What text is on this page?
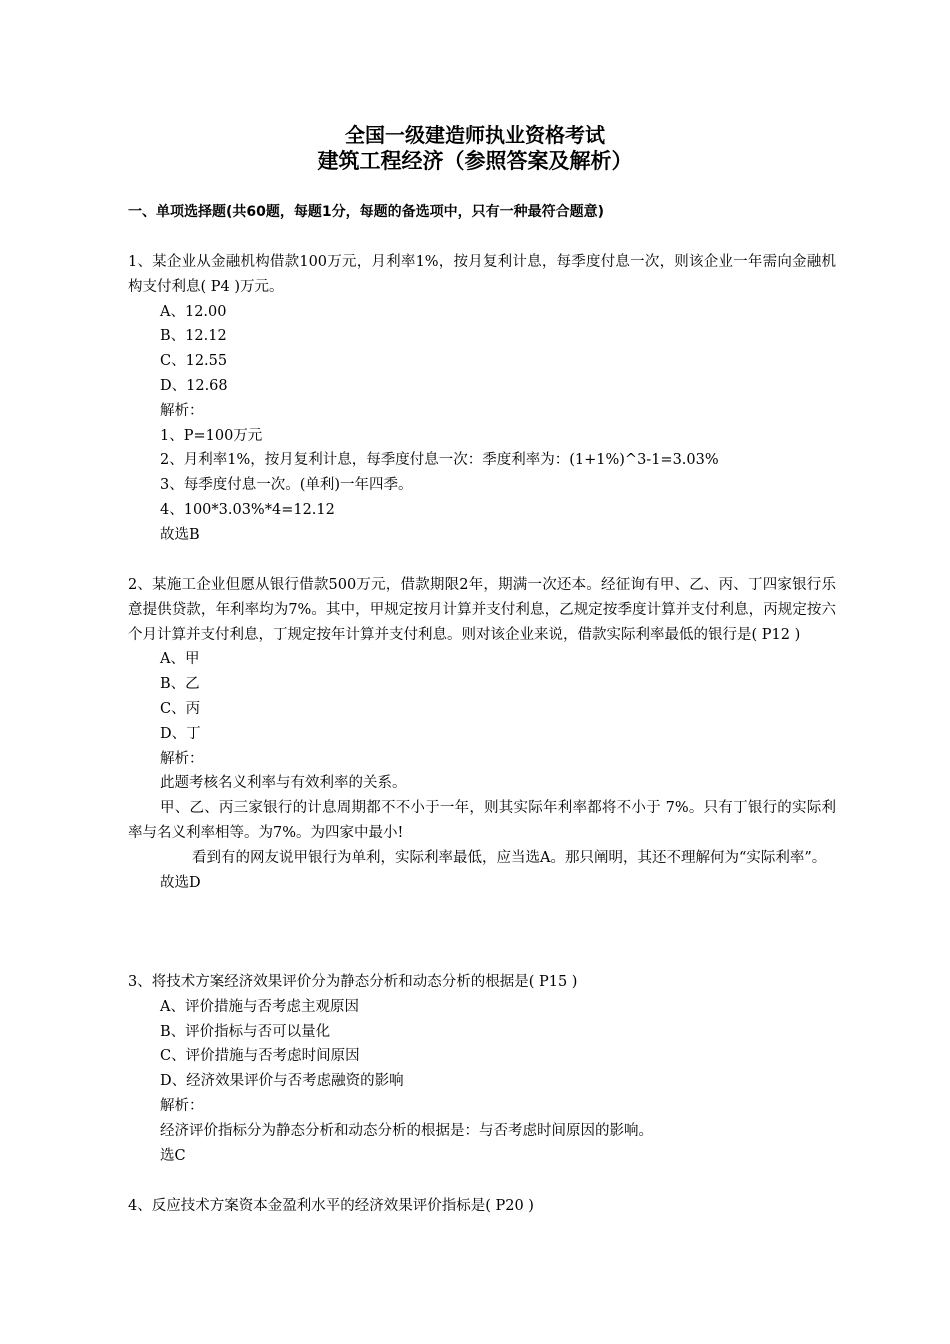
全国一级建造师执业资格考试
建筑工程经济（参照答案及解析）
一、单项选择题(共60题，每题1分，每题的备选项中，只有一种最符合题意)
1、某企业从金融机构借款100万元，月利率1%，按月复利计息，每季度付息一次，则该企业一年需向金融机构支付利息( P4 )万元。
A、12.00
B、12.12
C、12.55
D、12.68
解析：
1、P=100万元
2、月利率1%，按月复利计息，每季度付息一次：季度利率为：(1+1%)^3-1=3.03%
3、每季度付息一次。(单利)一年四季。
4、100*3.03%*4=12.12
故选B
2、某施工企业但愿从银行借款500万元，借款期限2年，期满一次还本。经征询有甲、乙、丙、丁四家银行乐意提供贷款，年利率均为7%。其中，甲规定按月计算并支付利息，乙规定按季度计算并支付利息，丙规定按六个月计算并支付利息，丁规定按年计算并支付利息。则对该企业来说，借款实际利率最低的银行是( P12 )
A、甲
B、乙
C、丙
D、丁
解析：
此题考核名义利率与有效利率的关系。
甲、乙、丙三家银行的计息周期都不不小于一年，则其实际年利率都将不小于 7%。只有丁银行的实际利率与名义利率相等。为7%。为四家中最小!
看到有的网友说甲银行为单利，实际利率最低，应当选A。那只阐明，其还不理解何为“实际利率”。
故选D
3、将技术方案经济效果评价分为静态分析和动态分析的根据是( P15 )
A、评价措施与否考虑主观原因
B、评价指标与否可以量化
C、评价措施与否考虑时间原因
D、经济效果评价与否考虑融资的影响
解析：
经济评价指标分为静态分析和动态分析的根据是：与否考虑时间原因的影响。
选C
4、反应技术方案资本金盈利水平的经济效果评价指标是( P20 )
